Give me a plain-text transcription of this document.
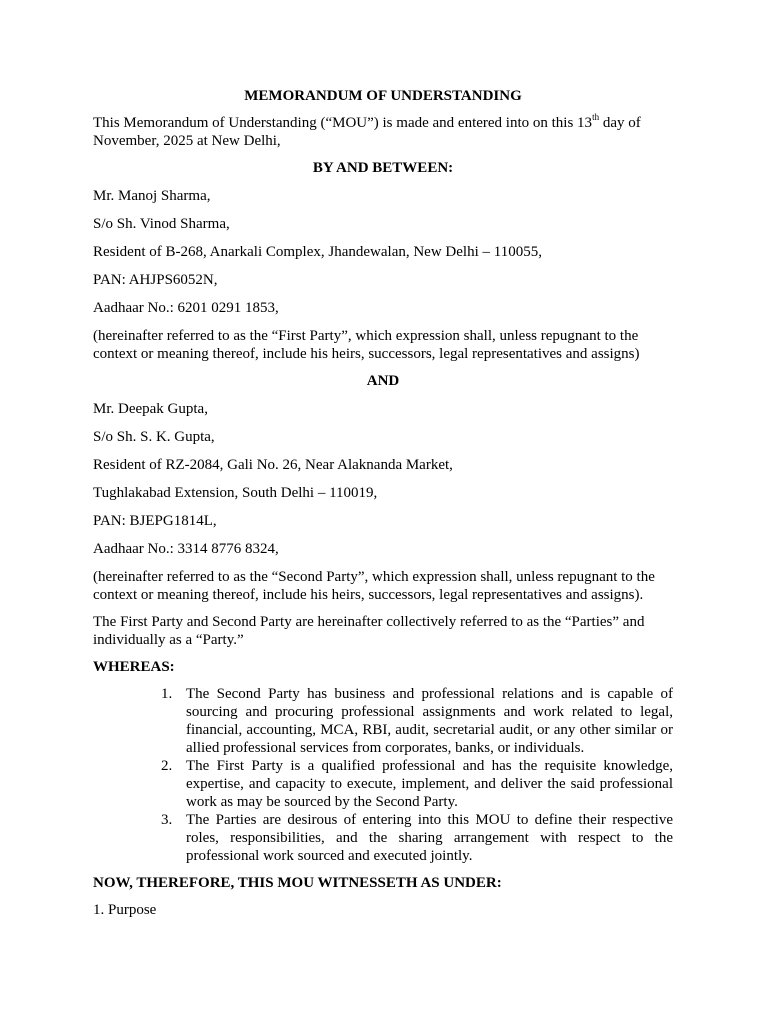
MEMORANDUM OF UNDERSTANDING

This Memorandum of Understanding (“MOU”) is made and entered into on this 13th day of November, 2025 at New Delhi,

BY AND BETWEEN:

Mr. Manoj Sharma,

S/o Sh. Vinod Sharma,

Resident of B-268, Anarkali Complex, Jhandewalan, New Delhi – 110055,

PAN: AHJPS6052N,

Aadhaar No.: 6201 0291 1853,

(hereinafter referred to as the “First Party”, which expression shall, unless repugnant to the context or meaning thereof, include his heirs, successors, legal representatives and assigns)

AND

Mr. Deepak Gupta,

S/o Sh. S. K. Gupta,

Resident of RZ-2084, Gali No. 26, Near Alaknanda Market,

Tughlakabad Extension, South Delhi – 110019,

PAN: BJEPG1814L,

Aadhaar No.: 3314 8776 8324,

(hereinafter referred to as the “Second Party”, which expression shall, unless repugnant to the context or meaning thereof, include his heirs, successors, legal representatives and assigns).

The First Party and Second Party are hereinafter collectively referred to as the “Parties” and individually as a “Party.”

WHEREAS:
1. The Second Party has business and professional relations and is capable of sourcing and procuring professional assignments and work related to legal, financial, accounting, MCA, RBI, audit, secretarial audit, or any other similar or allied professional services from corporates, banks, or individuals.
2. The First Party is a qualified professional and has the requisite knowledge, expertise, and capacity to execute, implement, and deliver the said professional work as may be sourced by the Second Party.
3. The Parties are desirous of entering into this MOU to define their respective roles, responsibilities, and the sharing arrangement with respect to the professional work sourced and executed jointly.
NOW, THEREFORE, THIS MOU WITNESSETH AS UNDER:

1. Purpose
